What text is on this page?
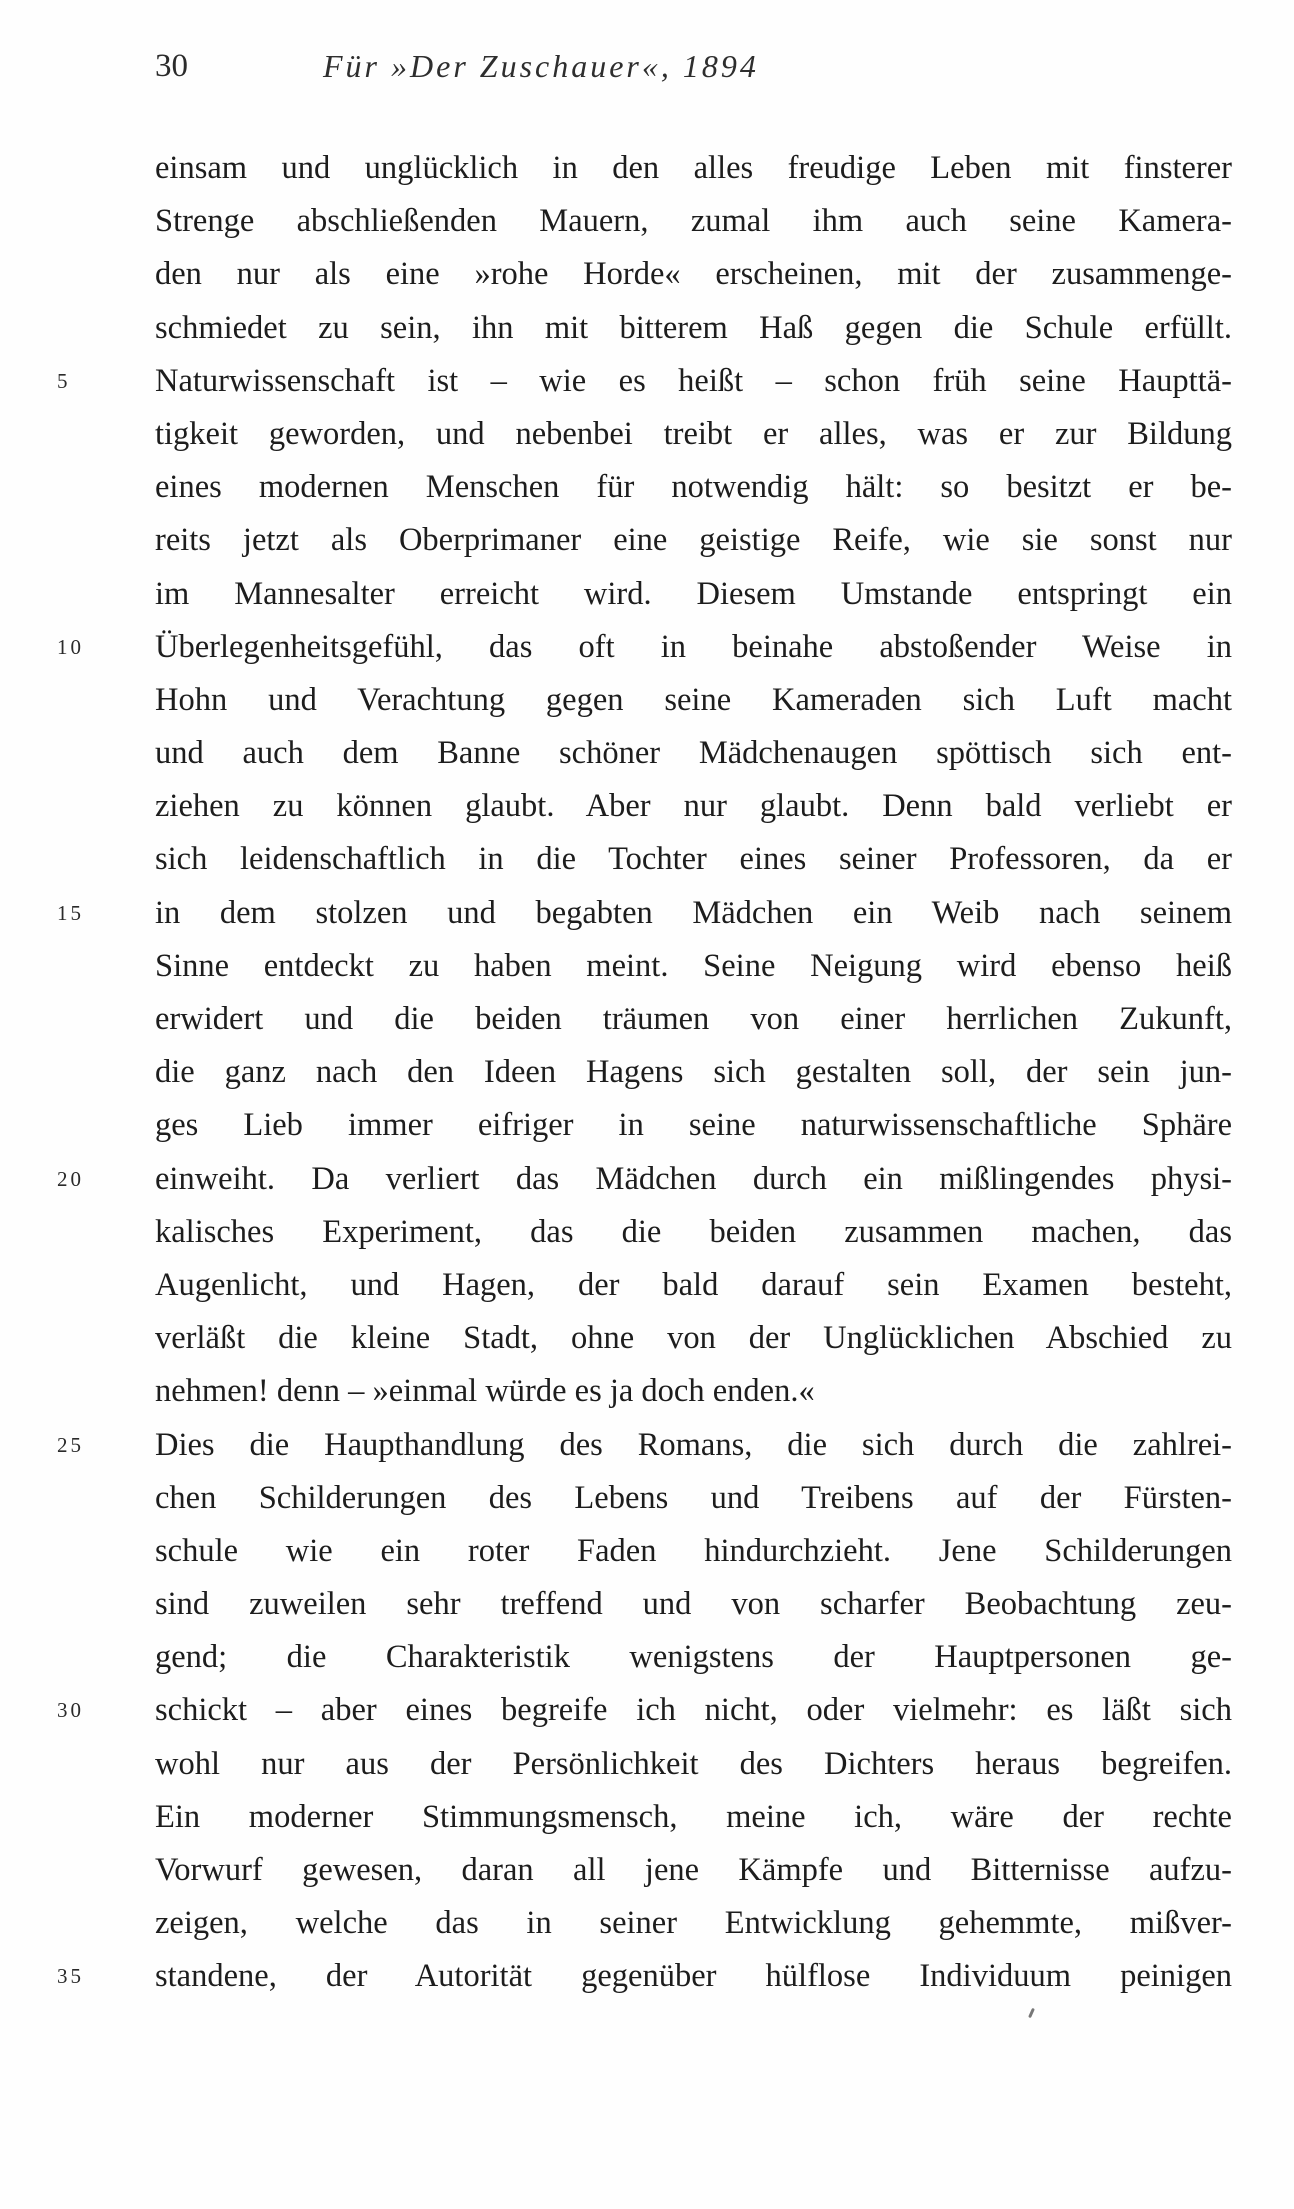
30	Für »Der Zuschauer«, 1894
einsam und unglücklich in den alles freudige Leben mit finsterer
Strenge abschließenden Mauern, zumal ihm auch seine Kamera-
den nur als eine »rohe Horde« erscheinen, mit der zusammenge-
schmiedet zu sein, ihn mit bitterem Haß gegen die Schule erfüllt.
5	Naturwissenschaft ist – wie es heißt – schon früh seine Haupttä-
tigkeit geworden, und nebenbei treibt er alles, was er zur Bildung
eines modernen Menschen für notwendig hält: so besitzt er be-
reits jetzt als Oberprimaner eine geistige Reife, wie sie sonst nur
im Mannesalter erreicht wird. Diesem Umstande entspringt ein
10	Überlegenheitsgefühl, das oft in beinahe abstoßender Weise in
Hohn und Verachtung gegen seine Kameraden sich Luft macht
und auch dem Banne schöner Mädchenaugen spöttisch sich ent-
ziehen zu können glaubt. Aber nur glaubt. Denn bald verliebt er
sich leidenschaftlich in die Tochter eines seiner Professoren, da er
15	in dem stolzen und begabten Mädchen ein Weib nach seinem
Sinne entdeckt zu haben meint. Seine Neigung wird ebenso heiß
erwidert und die beiden träumen von einer herrlichen Zukunft,
die ganz nach den Ideen Hagens sich gestalten soll, der sein jun-
ges Lieb immer eifriger in seine naturwissenschaftliche Sphäre
20	einweiht. Da verliert das Mädchen durch ein mißlingendes physi-
kalisches Experiment, das die beiden zusammen machen, das
Augenlicht, und Hagen, der bald darauf sein Examen besteht,
verläßt die kleine Stadt, ohne von der Unglücklichen Abschied zu
nehmen! denn – »einmal würde es ja doch enden.«
25	Dies die Haupthandlung des Romans, die sich durch die zahlrei-
chen Schilderungen des Lebens und Treibens auf der Fürsten-
schule wie ein roter Faden hindurchzieht. Jene Schilderungen
sind zuweilen sehr treffend und von scharfer Beobachtung zeu-
gend; die Charakteristik wenigstens der Hauptpersonen ge-
30	schickt – aber eines begreife ich nicht, oder vielmehr: es läßt sich
wohl nur aus der Persönlichkeit des Dichters heraus begreifen.
Ein moderner Stimmungsmensch, meine ich, wäre der rechte
Vorwurf gewesen, daran all jene Kämpfe und Bitternisse aufzu-
zeigen, welche das in seiner Entwicklung gehemmte, mißver-
35	standene, der Autorität gegenüber hülflose Individuum peinigen
